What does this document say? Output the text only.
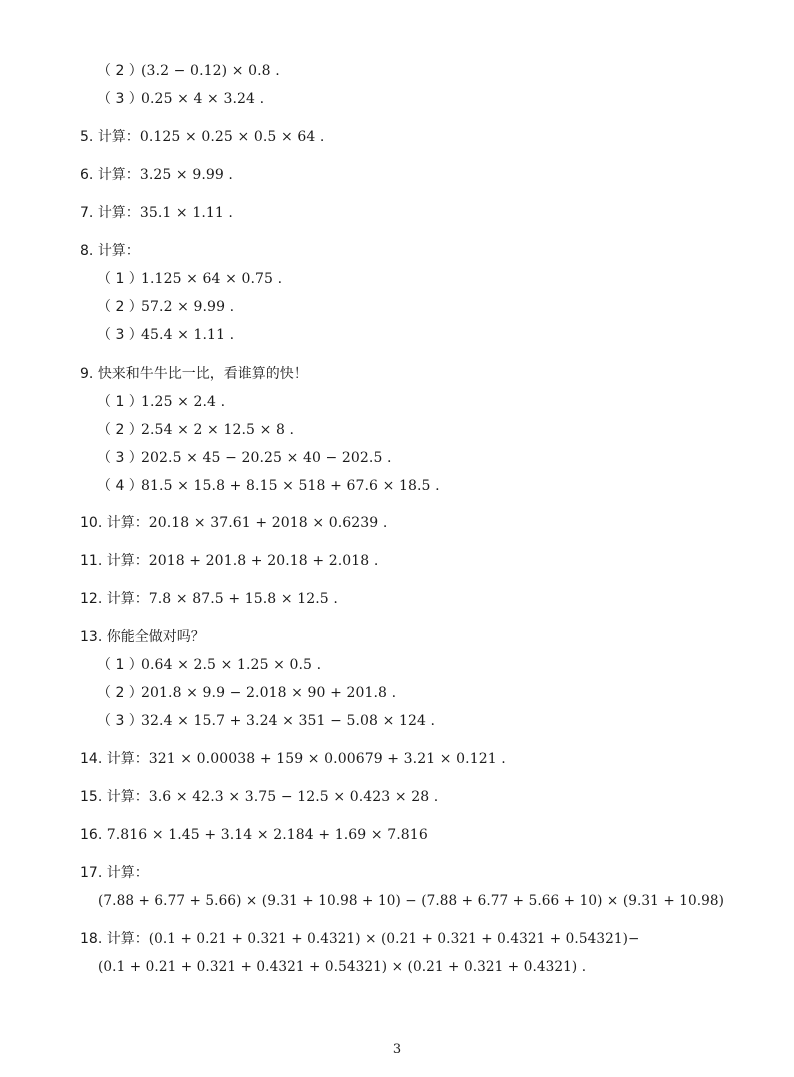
（ 2 ）(3.2 − 0.12) × 0.8 .
（ 3 ）0.25 × 4 × 3.24 .
5. 计算：0.125 × 0.25 × 0.5 × 64 .
6. 计算：3.25 × 9.99 .
7. 计算：35.1 × 1.11 .
8. 计算：
（ 1 ）1.125 × 64 × 0.75 .
（ 2 ）57.2 × 9.99 .
（ 3 ）45.4 × 1.11 .
9. 快来和牛牛比一比，看谁算的快！
（ 1 ）1.25 × 2.4 .
（ 2 ）2.54 × 2 × 12.5 × 8 .
（ 3 ）202.5 × 45 − 20.25 × 40 − 202.5 .
（ 4 ）81.5 × 15.8 + 8.15 × 518 + 67.6 × 18.5 .
10. 计算：20.18 × 37.61 + 2018 × 0.6239 .
11. 计算：2018 + 201.8 + 20.18 + 2.018 .
12. 计算：7.8 × 87.5 + 15.8 × 12.5 .
13. 你能全做对吗？
（ 1 ）0.64 × 2.5 × 1.25 × 0.5 .
（ 2 ）201.8 × 9.9 − 2.018 × 90 + 201.8 .
（ 3 ）32.4 × 15.7 + 3.24 × 351 − 5.08 × 124 .
14. 计算：321 × 0.00038 + 159 × 0.00679 + 3.21 × 0.121 .
15. 计算：3.6 × 42.3 × 3.75 − 12.5 × 0.423 × 28 .
16. 7.816 × 1.45 + 3.14 × 2.184 + 1.69 × 7.816
17. 计算：
(7.88 + 6.77 + 5.66) × (9.31 + 10.98 + 10) − (7.88 + 6.77 + 5.66 + 10) × (9.31 + 10.98)
18. 计算：(0.1 + 0.21 + 0.321 + 0.4321) × (0.21 + 0.321 + 0.4321 + 0.54321)−
(0.1 + 0.21 + 0.321 + 0.4321 + 0.54321) × (0.21 + 0.321 + 0.4321) .
3
